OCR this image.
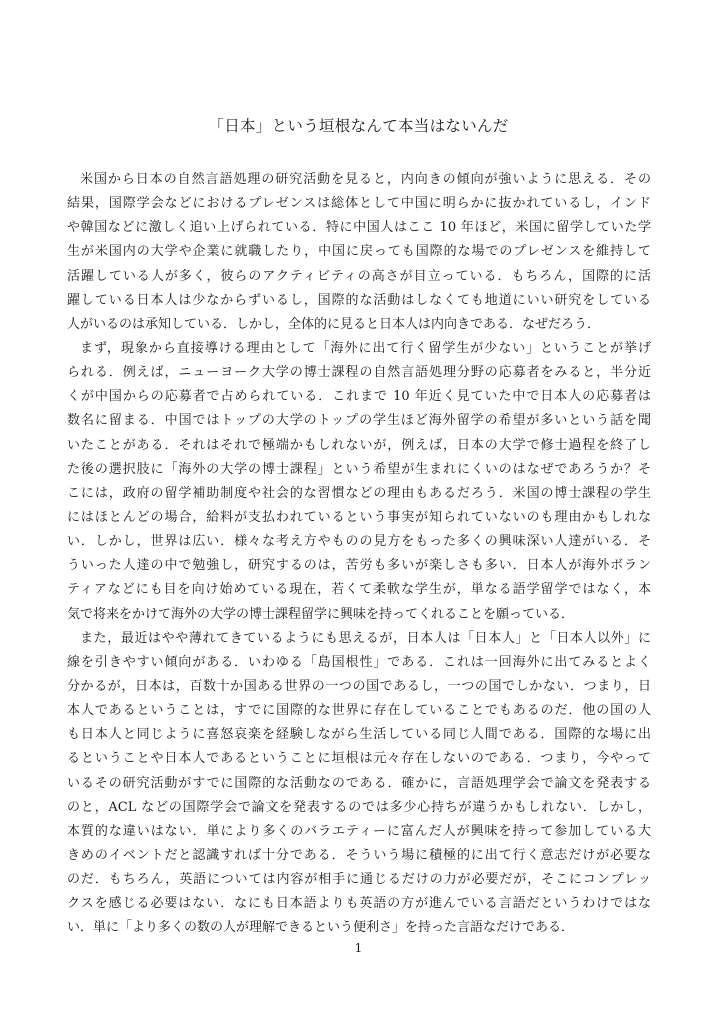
「日本」という垣根なんて本当はないんだ
米国から日本の自然言語処理の研究活動を見ると，内向きの傾向が強いように思える．その
結果，国際学会などにおけるプレゼンスは総体として中国に明らかに抜かれているし，インド
や韓国などに激しく追い上げられている．特に中国人はここ 10 年ほど，米国に留学していた学
生が米国内の大学や企業に就職したり，中国に戻っても国際的な場でのプレゼンスを維持して
活躍している人が多く，彼らのアクティビティの高さが目立っている．もちろん，国際的に活
躍している日本人は少なからずいるし，国際的な活動はしなくても地道にいい研究をしている
人がいるのは承知している．しかし，全体的に見ると日本人は内向きである．なぜだろう．
まず，現象から直接導ける理由として「海外に出て行く留学生が少ない」ということが挙げ
られる．例えば，ニューヨーク大学の博士課程の自然言語処理分野の応募者をみると，半分近
くが中国からの応募者で占められている．これまで 10 年近く見ていた中で日本人の応募者は
数名に留まる．中国ではトップの大学のトップの学生ほど海外留学の希望が多いという話を聞
いたことがある．それはそれで極端かもしれないが，例えば，日本の大学で修士過程を終了し
た後の選択肢に「海外の大学の博士課程」という希望が生まれにくいのはなぜであろうか？そ
こには，政府の留学補助制度や社会的な習慣などの理由もあるだろう．米国の博士課程の学生
にはほとんどの場合，給料が支払われているという事実が知られていないのも理由かもしれな
い．しかし，世界は広い．様々な考え方やものの見方をもった多くの興味深い人達がいる．そ
ういった人達の中で勉強し，研究するのは，苦労も多いが楽しさも多い．日本人が海外ボラン
ティアなどにも目を向け始めている現在，若くて柔軟な学生が，単なる語学留学ではなく，本
気で将来をかけて海外の大学の博士課程留学に興味を持ってくれることを願っている．
また，最近はやや薄れてきているようにも思えるが，日本人は「日本人」と「日本人以外」に
線を引きやすい傾向がある．いわゆる「島国根性」である．これは一回海外に出てみるとよく
分かるが，日本は，百数十か国ある世界の一つの国であるし，一つの国でしかない．つまり，日
本人であるということは，すでに国際的な世界に存在していることでもあるのだ．他の国の人
も日本人と同じように喜怒哀楽を経験しながら生活している同じ人間である．国際的な場に出
るということや日本人であるということに垣根は元々存在しないのである．つまり，今やって
いるその研究活動がすでに国際的な活動なのである．確かに，言語処理学会で論文を発表する
のと，ACL などの国際学会で論文を発表するのでは多少心持ちが違うかもしれない．しかし，
本質的な違いはない．単により多くのバラエティーに富んだ人が興味を持って参加している大
きめのイベントだと認識すれば十分である．そういう場に積極的に出て行く意志だけが必要な
のだ．もちろん，英語については内容が相手に通じるだけの力が必要だが，そこにコンプレッ
クスを感じる必要はない．なにも日本語よりも英語の方が進んでいる言語だというわけではな
い．単に「より多くの数の人が理解できるという便利さ」を持った言語なだけである．
1
